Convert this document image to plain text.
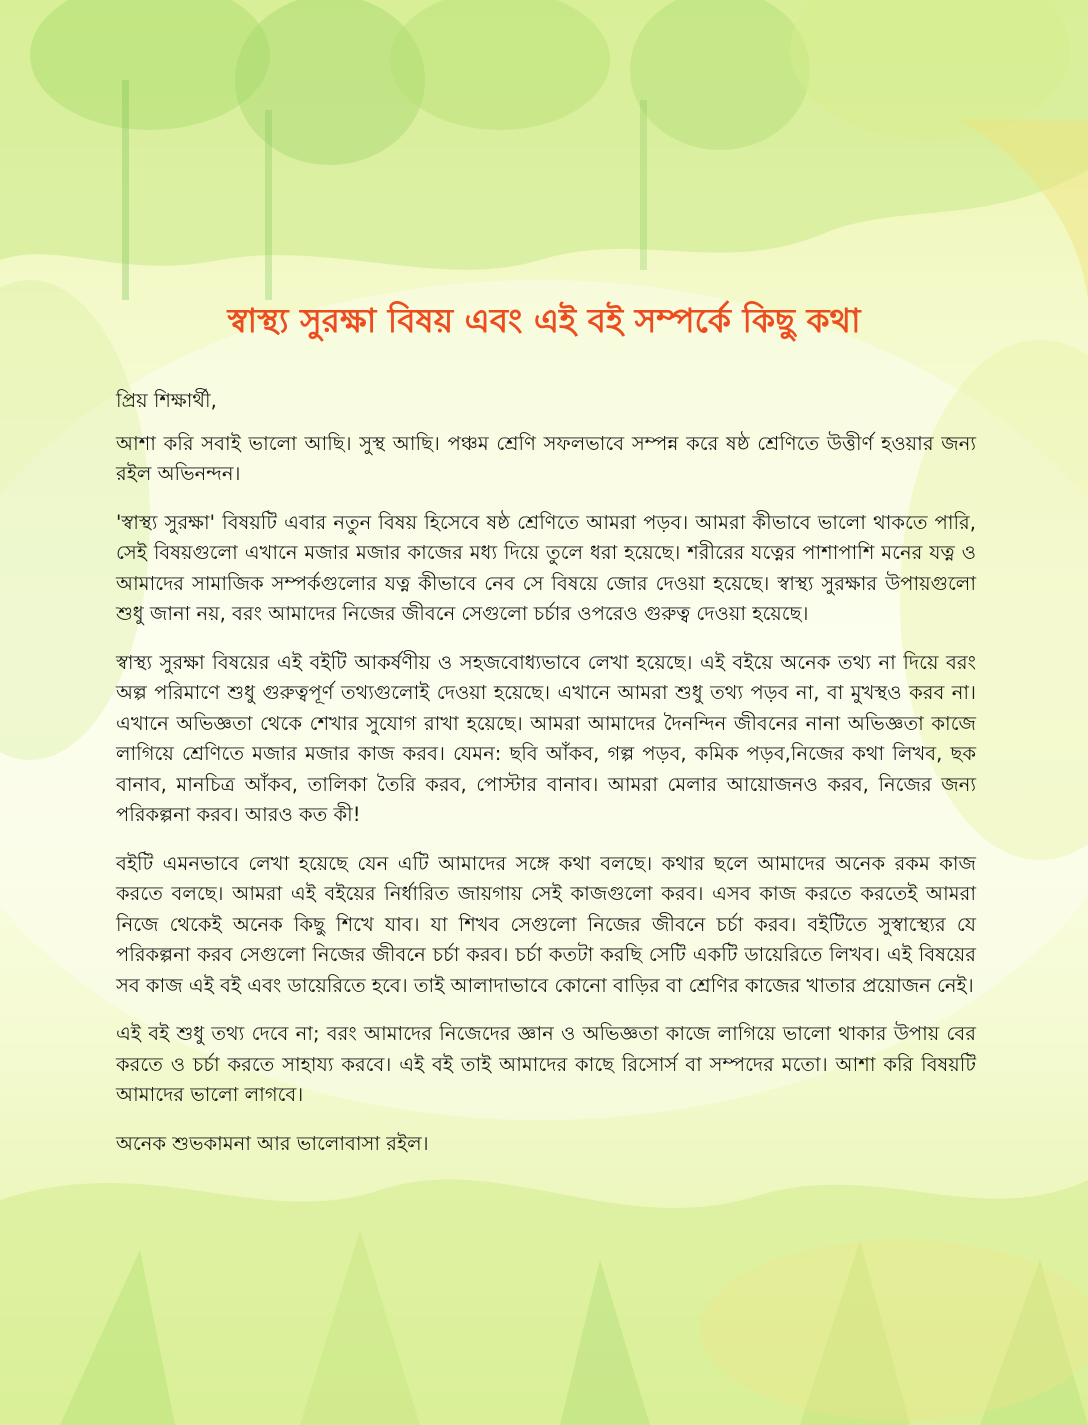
স্বাস্থ্য সুরক্ষা বিষয় এবং এই বই সম্পর্কে কিছু কথা

প্রিয় শিক্ষার্থী,

আশা করি সবাই ভালো আছি। সুস্থ আছি। পঞ্চম শ্রেণি সফলভাবে সম্পন্ন করে ষষ্ঠ শ্রেণিতে উত্তীর্ণ হওয়ার জন্য রইল অভিনন্দন।

'স্বাস্থ্য সুরক্ষা' বিষয়টি এবার নতুন বিষয় হিসেবে ষষ্ঠ শ্রেণিতে আমরা পড়ব। আমরা কীভাবে ভালো থাকতে পারি, সেই বিষয়গুলো এখানে মজার মজার কাজের মধ্য দিয়ে তুলে ধরা হয়েছে। শরীরের যত্নের পাশাপাশি মনের যত্ন ও আমাদের সামাজিক সম্পর্কগুলোর যত্ন কীভাবে নেব সে বিষয়ে জোর দেওয়া হয়েছে। স্বাস্থ্য সুরক্ষার উপায়গুলো শুধু জানা নয়, বরং আমাদের নিজের জীবনে সেগুলো চর্চার ওপরেও গুরুত্ব দেওয়া হয়েছে।

স্বাস্থ্য সুরক্ষা বিষয়ের এই বইটি আকর্ষণীয় ও সহজবোধ্যভাবে লেখা হয়েছে। এই বইয়ে অনেক তথ্য না দিয়ে বরং অল্প পরিমাণে শুধু গুরুত্বপূর্ণ তথ্যগুলোই দেওয়া হয়েছে। এখানে আমরা শুধু তথ্য পড়ব না, বা মুখস্থও করব না। এখানে অভিজ্ঞতা থেকে শেখার সুযোগ রাখা হয়েছে। আমরা আমাদের দৈনন্দিন জীবনের নানা অভিজ্ঞতা কাজে লাগিয়ে শ্রেণিতে মজার মজার কাজ করব। যেমন: ছবি আঁকব, গল্প পড়ব, কমিক পড়ব,নিজের কথা লিখব, ছক বানাব, মানচিত্র আঁকব, তালিকা তৈরি করব, পোস্টার বানাব। আমরা মেলার আয়োজনও করব, নিজের জন্য পরিকল্পনা করব। আরও কত কী!

বইটি এমনভাবে লেখা হয়েছে যেন এটি আমাদের সঙ্গে কথা বলছে। কথার ছলে আমাদের অনেক রকম কাজ করতে বলছে। আমরা এই বইয়ের নির্ধারিত জায়গায় সেই কাজগুলো করব। এসব কাজ করতে করতেই আমরা নিজে থেকেই অনেক কিছু শিখে যাব। যা শিখব সেগুলো নিজের জীবনে চর্চা করব। বইটিতে সুস্বাস্থ্যের যে পরিকল্পনা করব সেগুলো নিজের জীবনে চর্চা করব। চর্চা কতটা করছি সেটি একটি ডায়েরিতে লিখব। এই বিষয়ের সব কাজ এই বই এবং ডায়েরিতে হবে। তাই আলাদাভাবে কোনো বাড়ির বা শ্রেণির কাজের খাতার প্রয়োজন নেই।

এই বই শুধু তথ্য দেবে না; বরং আমাদের নিজেদের জ্ঞান ও অভিজ্ঞতা কাজে লাগিয়ে ভালো থাকার উপায় বের করতে ও চর্চা করতে সাহায্য করবে। এই বই তাই আমাদের কাছে রিসোর্স বা সম্পদের মতো। আশা করি বিষয়টি আমাদের ভালো লাগবে।

অনেক শুভকামনা আর ভালোবাসা রইল।
